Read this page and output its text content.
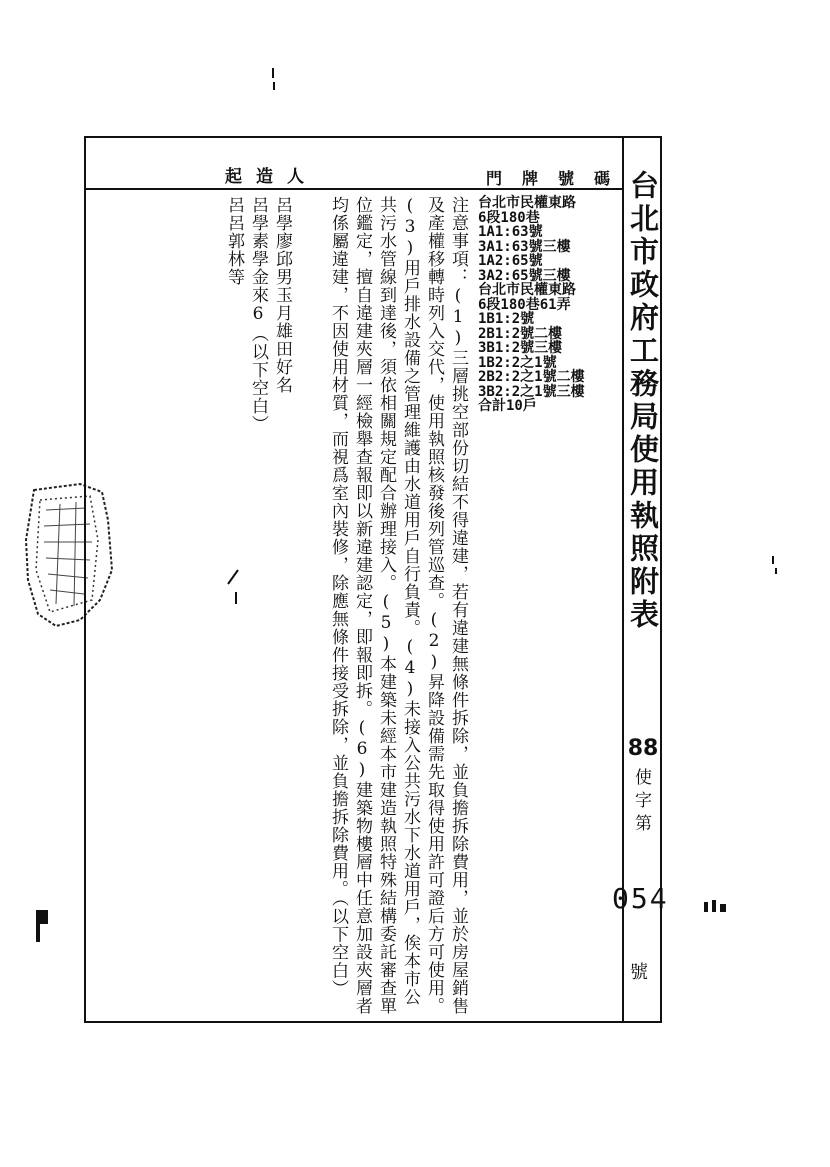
台北市政府工務局使用執照附表
88
使字第
054
號
起造人	門牌號碼
呂學廖邱男玉月雄田好名
呂學素學金來6（以下空白）
呂呂郭林等	台北市民權東路
6段180巷
1A1:63號
3A1:63號三樓
1A2:65號
3A2:65號三樓
台北市民權東路
6段180巷61弄
1B1:2號
2B1:2號二樓
3B1:2號三樓
1B2:2之1號
2B2:2之1號二樓
3B2:2之1號三樓
合計10戶
注意事項：(1)三層挑空部份切結不得違建，若有違建無條件拆除，並負擔拆除費用，並於房屋銷售及產權移轉時列入交代，使用執照核發後列管巡查。(2)昇降設備需先取得使用許可證后方可使用。(3)用戶排水設備之管理維護由水道用戶自行負責。(4)未接入公共污水下水道用戶，俟本市公共污水管線到達後，須依相關規定配合辦理接入。(5)本建築未經本市建造執照特殊結構委託審查單位鑑定，擅自違建夾層一經檢舉查報即以新違建認定，即報即拆。(6)建築物樓層中任意加設夾層者均係屬違建，不因使用材質，而視爲室內裝修，除應無條件接受拆除，並負擔拆除費用。（以下空白）
